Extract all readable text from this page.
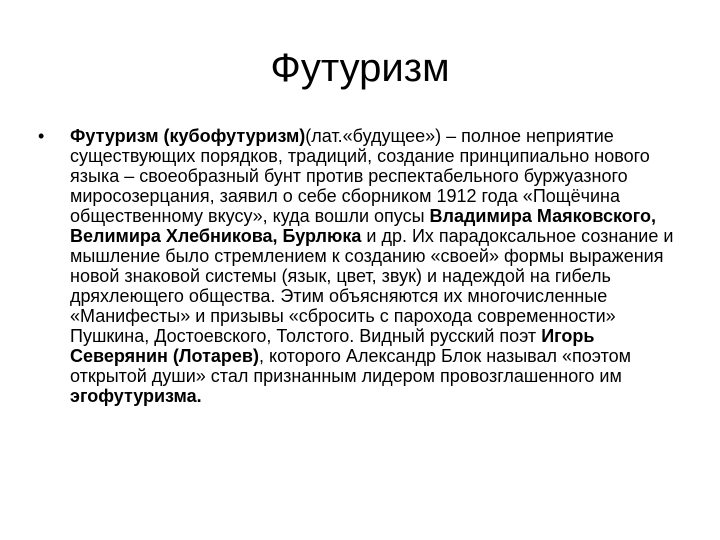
Футуризм
• Футуризм (кубофутуризм)(лат.«будущее») – полное неприятие существующих порядков, традиций, создание принципиально нового языка – своеобразный бунт против респектабельного буржуазного миросозерцания, заявил о себе сборником 1912 года «Пощёчина общественному вкусу», куда вошли опусы Владимира Маяковского, Велимира Хлебникова, Бурлюка и др. Их парадоксальное сознание и мышление было стремлением к созданию «своей» формы выражения новой знаковой системы (язык, цвет, звук) и надеждой на гибель дряхлеющего общества. Этим объясняются их многочисленные «Манифесты» и призывы «сбросить с парохода современности» Пушкина, Достоевского, Толстого. Видный русский поэт Игорь Северянин (Лотарев), которого Александр Блок называл «поэтом открытой души» стал признанным лидером провозглашенного им эгофутуризма.
